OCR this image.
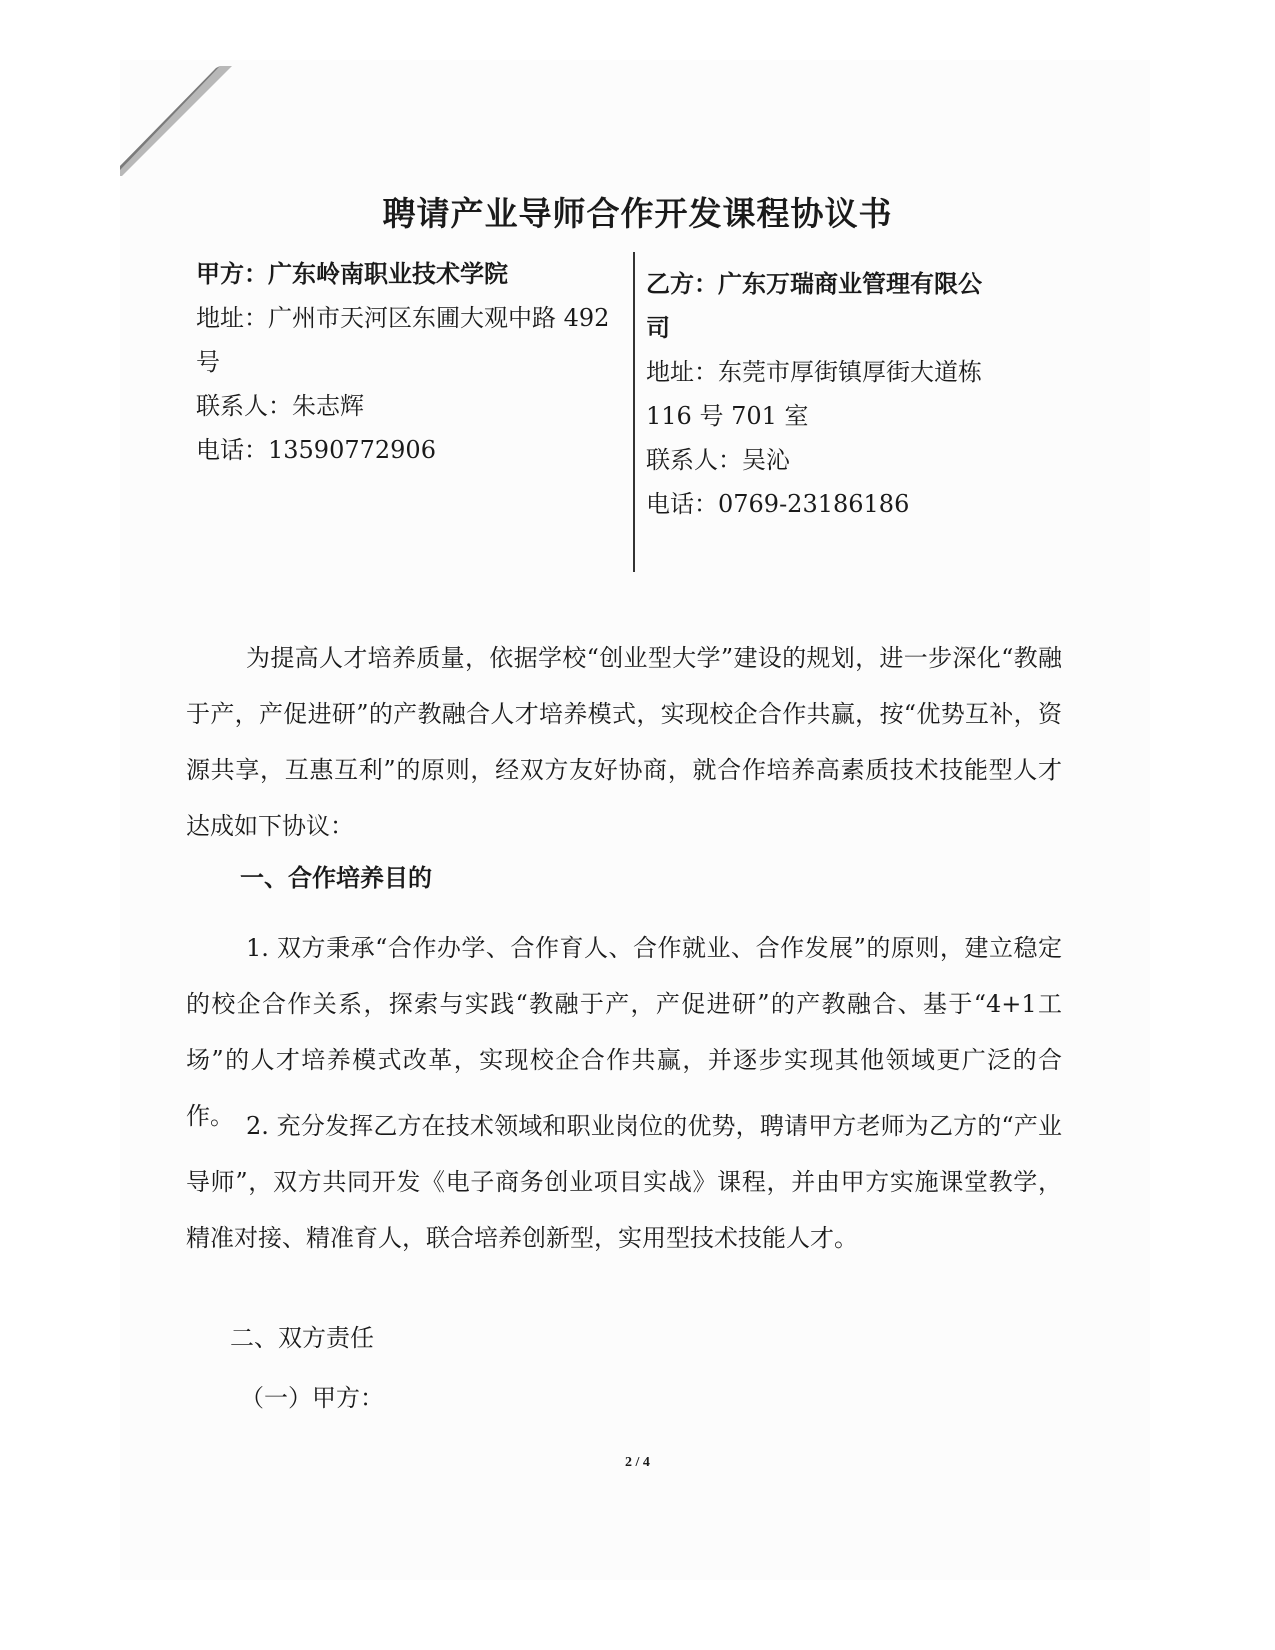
聘请产业导师合作开发课程协议书
甲方：广东岭南职业技术学院
地址：广州市天河区东圃大观中路 492
号
联系人：朱志辉
电话：13590772906
乙方：广东万瑞商业管理有限公
司
地址：东莞市厚街镇厚街大道栋
116 号 701 室
联系人：吴沁
电话：0769-23186186
为提高人才培养质量，依据学校“创业型大学”建设的规划，进一步深化“教融于产，产促进研”的产教融合人才培养模式，实现校企合作共赢，按“优势互补，资源共享，互惠互利”的原则，经双方友好协商，就合作培养高素质技术技能型人才达成如下协议：
一、合作培养目的
1. 双方秉承“合作办学、合作育人、合作就业、合作发展”的原则，建立稳定的校企合作关系，探索与实践“教融于产，产促进研”的产教融合、基于“4+1工场”的人才培养模式改革，实现校企合作共赢，并逐步实现其他领域更广泛的合作。 2. 充分发挥乙方在技术领域和职业岗位的优势，聘请甲方老师为乙方的“产业导师”，双方共同开发《电子商务创业项目实战》课程，并由甲方实施课堂教学，精准对接、精准育人，联合培养创新型，实用型技术技能人才。
二、双方责任
（一）甲方：
2 / 4
